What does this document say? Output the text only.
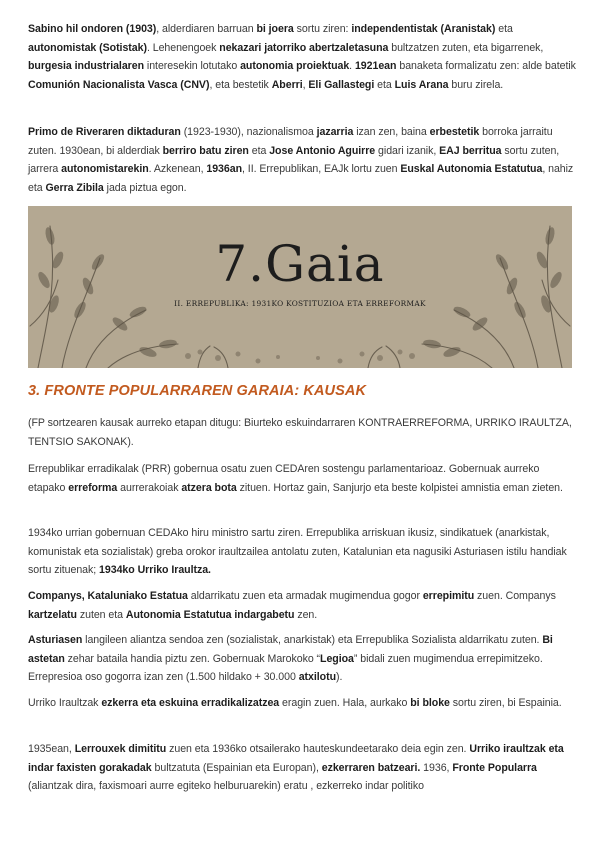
Sabino hil ondoren (1903), alderdiaren barruan bi joera sortu ziren: independentistak (Aranistak) eta autonomistak (Sotistak). Lehenengoek nekazari jatorriko abertzaletasuna bultzatzen zuten, eta bigarrenek, burgesia industrialaren interesekin lotutako autonomia proiektuak. 1921ean banaketa formalizatu zen: alde batetik Comunión Nacionalista Vasca (CNV), eta bestetik Aberri, Eli Gallastegi eta Luis Arana buru zirela.

Primo de Riveraren diktaduran (1923-1930), nazionalismoa jazarria izan zen, baina erbestetik borroka jarraitu zuten. 1930ean, bi alderdiak berriro batu ziren eta Jose Antonio Aguirre gidari izanik, EAJ berritua sortu zuten, jarrera autonomistarekin. Azkenean, 1936an, II. Errepublikan, EAJk lortu zuen Euskal Autonomia Estatutua, nahiz eta Gerra Zibila jada piztua egon.

7.Gaia

II. ERREPUBLIKA: 1931KO KOSTITUZIOA ETA ERREFORMAK

3. FRONTE POPULARRAREN GARAIA: KAUSAK

(FP sortzearen kausak aurreko etapan ditugu: Biurteko eskuindarraren KONTRAERREFORMA, URRIKO IRAULTZA, TENTSIO SAKONAK).

Errepublikar erradikalak (PRR) gobernua osatu zuen CEDAren sostengu parlamentarioaz. Gobernuak aurreko etapako erreforma aurrerakoiak atzera bota zituen. Hortaz gain, Sanjurjo eta beste kolpistei amnistia eman zieten.

1934ko urrian gobernuan CEDAko hiru ministro sartu ziren. Errepublika arriskuan ikusiz, sindikatuek (anarkistak, komunistak eta sozialistak) greba orokor iraultzailea antolatu zuten, Katalunian eta nagusiki Asturiasen istilu handiak sortu zituenak; 1934ko Urriko Iraultza.

Companys, Kataluniako Estatua aldarrikatu zuen eta armadak mugimendua gogor errepimitu zuen. Companys kartzelatu zuten eta Autonomia Estatutua indargabetu zen.

Asturiasen langileen aliantza sendoa zen (sozialistak, anarkistak) eta Errepublika Sozialista aldarrikatu zuten. Bi astetan zehar bataila handia piztu zen. Gobernuak Marokoko “Legioa” bidali zuen mugimendua errepimitzeko. Errepresioa oso gogorra izan zen (1.500 hildako + 30.000 atxilotu).

Urriko Iraultzak ezkerra eta eskuina erradikalizatzea eragin zuen. Hala, aurkako bi bloke sortu ziren, bi Espainia.

1935ean, Lerrouxek dimititu zuen eta 1936ko otsailerako hauteskundeetarako deia egin zen. Urriko iraultzak eta indar faxisten gorakadak bultzatuta (Espainian eta Europan), ezkerraren batzeari. 1936, Fronte Popularra (aliantzak dira, faxismoari aurre egiteko helburuarekin) eratu , ezkerreko indar politiko
